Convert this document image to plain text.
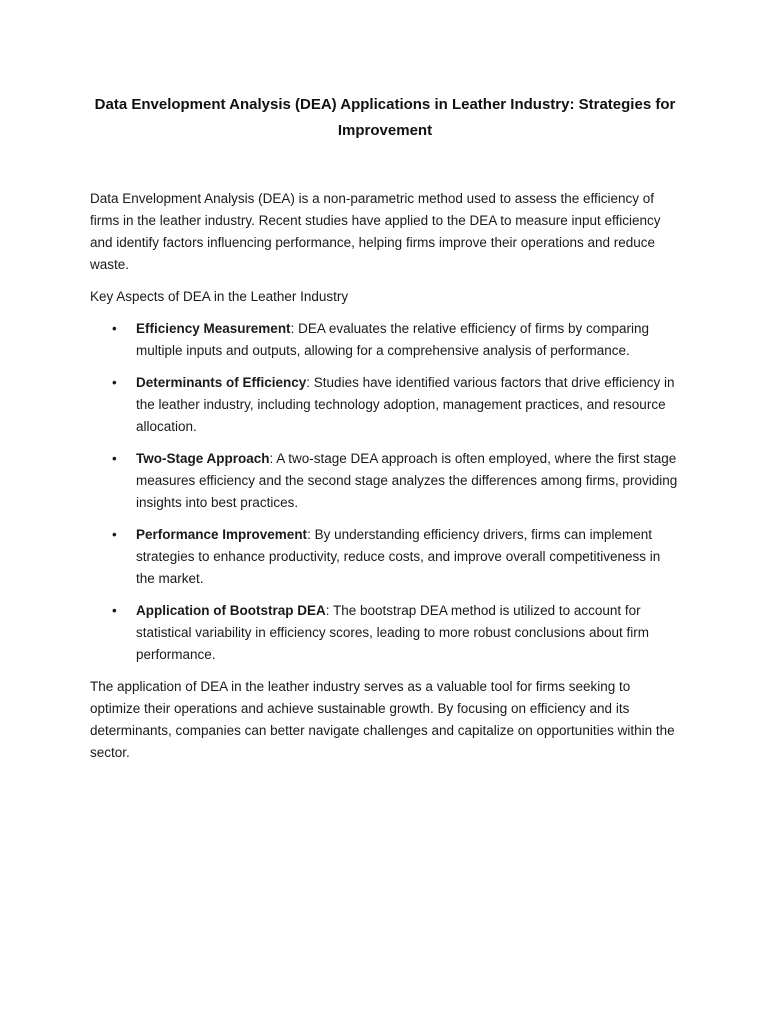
Data Envelopment Analysis (DEA) Applications in Leather Industry: Strategies for Improvement

Data Envelopment Analysis (DEA) is a non-parametric method used to assess the efficiency of firms in the leather industry. Recent studies have applied to the DEA to measure input efficiency and identify factors influencing performance, helping firms improve their operations and reduce waste.

Key Aspects of DEA in the Leather Industry

• Efficiency Measurement: DEA evaluates the relative efficiency of firms by comparing multiple inputs and outputs, allowing for a comprehensive analysis of performance.
• Determinants of Efficiency: Studies have identified various factors that drive efficiency in the leather industry, including technology adoption, management practices, and resource allocation.
• Two-Stage Approach: A two-stage DEA approach is often employed, where the first stage measures efficiency and the second stage analyzes the differences among firms, providing insights into best practices.
• Performance Improvement: By understanding efficiency drivers, firms can implement strategies to enhance productivity, reduce costs, and improve overall competitiveness in the market.
• Application of Bootstrap DEA: The bootstrap DEA method is utilized to account for statistical variability in efficiency scores, leading to more robust conclusions about firm performance.

The application of DEA in the leather industry serves as a valuable tool for firms seeking to optimize their operations and achieve sustainable growth. By focusing on efficiency and its determinants, companies can better navigate challenges and capitalize on opportunities within the sector.
